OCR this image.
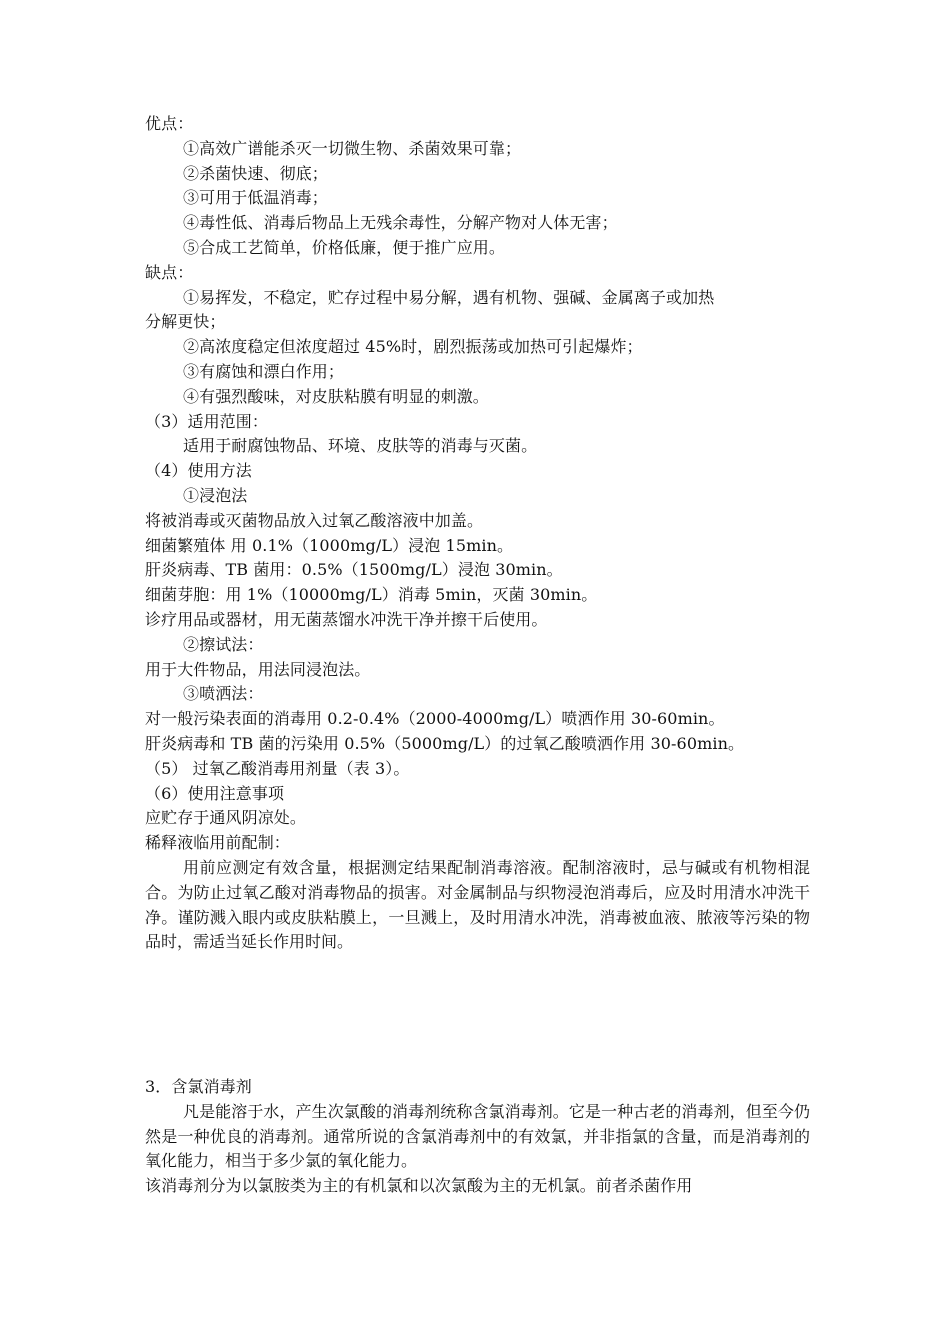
优点：
①高效广谱能杀灭一切微生物、杀菌效果可靠；
②杀菌快速、彻底；
③可用于低温消毒；
④毒性低、消毒后物品上无残余毒性，分解产物对人体无害；
⑤合成工艺简单，价格低廉，便于推广应用。
缺点：
①易挥发，不稳定，贮存过程中易分解，遇有机物、强碱、金属离子或加热
分解更快；
②高浓度稳定但浓度超过 45%时，剧烈振荡或加热可引起爆炸；
③有腐蚀和漂白作用；
④有强烈酸味，对皮肤粘膜有明显的刺激。
（3）适用范围：
适用于耐腐蚀物品、环境、皮肤等的消毒与灭菌。
（4）使用方法
①浸泡法
将被消毒或灭菌物品放入过氧乙酸溶液中加盖。
细菌繁殖体 用 0.1%（1000mg/L）浸泡 15min。
肝炎病毒、TB 菌用：0.5%（1500mg/L）浸泡 30min。
细菌芽胞：用 1%（10000mg/L）消毒 5min，灭菌 30min。
诊疗用品或器材，用无菌蒸馏水冲洗干净并擦干后使用。
②擦试法：
用于大件物品，用法同浸泡法。
③喷洒法：
对一般污染表面的消毒用 0.2-0.4%（2000-4000mg/L）喷洒作用 30-60min。
肝炎病毒和 TB 菌的污染用 0.5%（5000mg/L）的过氧乙酸喷洒作用 30-60min。
（5） 过氧乙酸消毒用剂量（表 3）。
（6）使用注意事项
应贮存于通风阴凉处。
稀释液临用前配制：

用前应测定有效含量，根据测定结果配制消毒溶液。配制溶液时，忌与碱或有机物相混合。为防止过氧乙酸对消毒物品的损害。对金属制品与织物浸泡消毒后，应及时用清水冲洗干净。谨防溅入眼内或皮肤粘膜上，一旦溅上，及时用清水冲洗，消毒被血液、脓液等污染的物品时，需适当延长作用时间。

3．含氯消毒剂

凡是能溶于水，产生次氯酸的消毒剂统称含氯消毒剂。它是一种古老的消毒剂，但至今仍然是一种优良的消毒剂。通常所说的含氯消毒剂中的有效氯，并非指氯的含量，而是消毒剂的氧化能力，相当于多少氯的氧化能力。

该消毒剂分为以氯胺类为主的有机氯和以次氯酸为主的无机氯。前者杀菌作用
